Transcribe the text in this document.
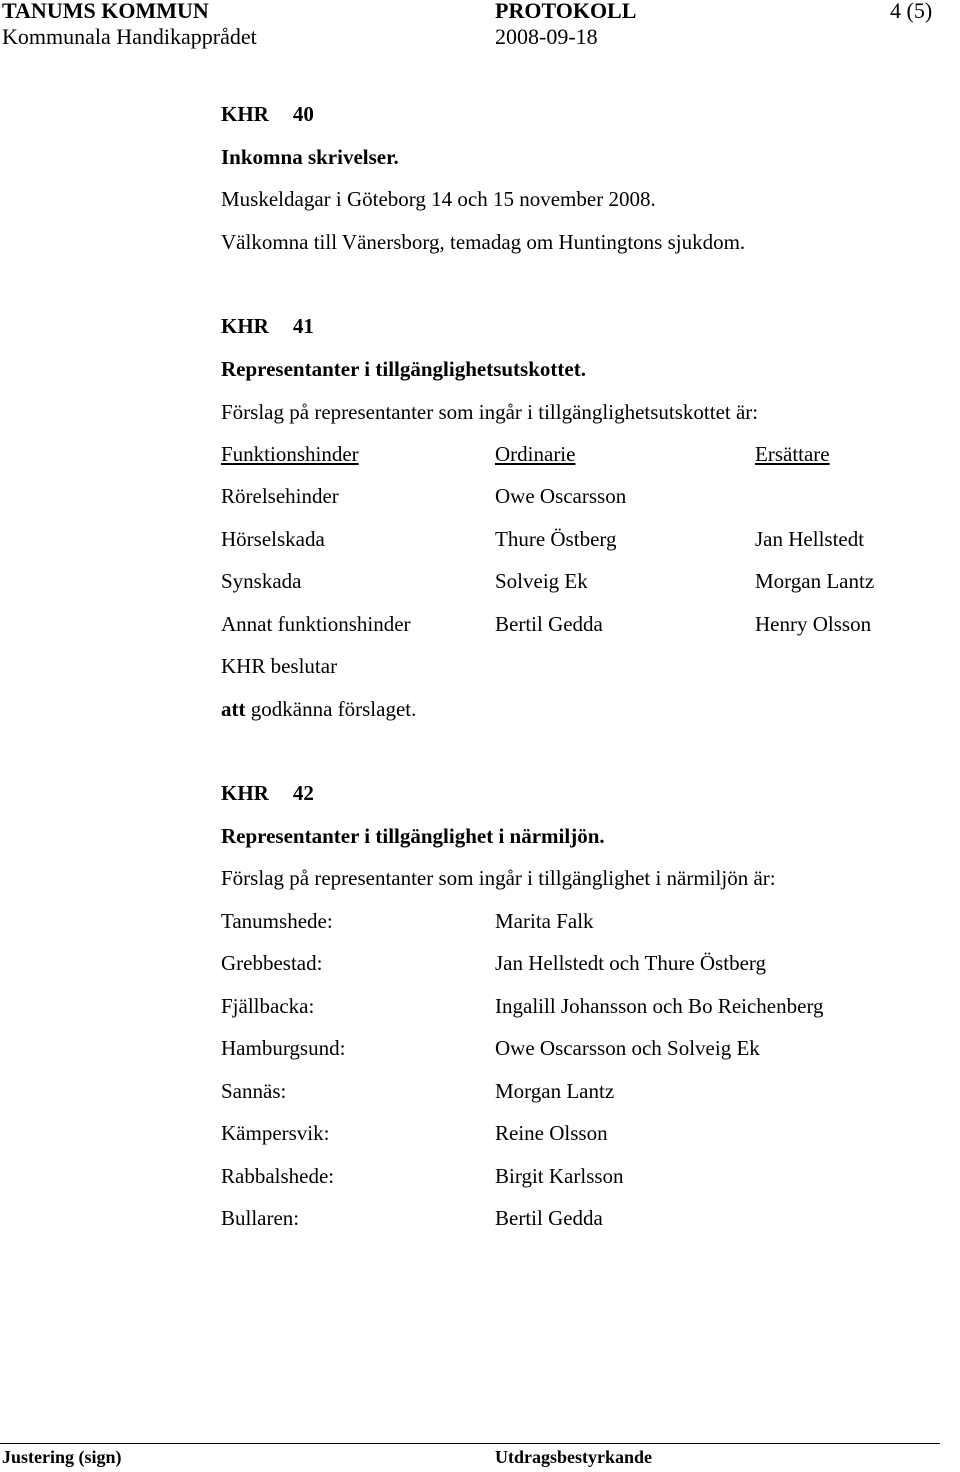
TANUMS KOMMUN	PROTOKOLL	4 (5)
Kommunala Handikapprådet	2008-09-18
KHR 40
Inkomna skrivelser.
Muskeldagar i Göteborg 14 och 15 november 2008.
Välkomna till Vänersborg, temadag om Huntingtons sjukdom.
KHR 41
Representanter i tillgänglighetsutskottet.
Förslag på representanter som ingår i tillgänglighetsutskottet är:
Funktionshinder	Ordinarie	Ersättare
Rörelsehinder	Owe Oscarsson
Hörselskada	Thure Östberg	Jan Hellstedt
Synskada	Solveig Ek	Morgan Lantz
Annat funktionshinder	Bertil Gedda	Henry Olsson
KHR beslutar
att godkänna förslaget.
KHR 42
Representanter i tillgänglighet i närmiljön.
Förslag på representanter som ingår i tillgänglighet i närmiljön är:
Tanumshede:	Marita Falk
Grebbestad:	Jan Hellstedt och Thure Östberg
Fjällbacka:	Ingalill Johansson och Bo Reichenberg
Hamburgsund:	Owe Oscarsson och Solveig Ek
Sannäs:	Morgan Lantz
Kämpersvik:	Reine Olsson
Rabbalshede:	Birgit Karlsson
Bullaren:	Bertil Gedda
Justering (sign)	Utdragsbestyrkande
